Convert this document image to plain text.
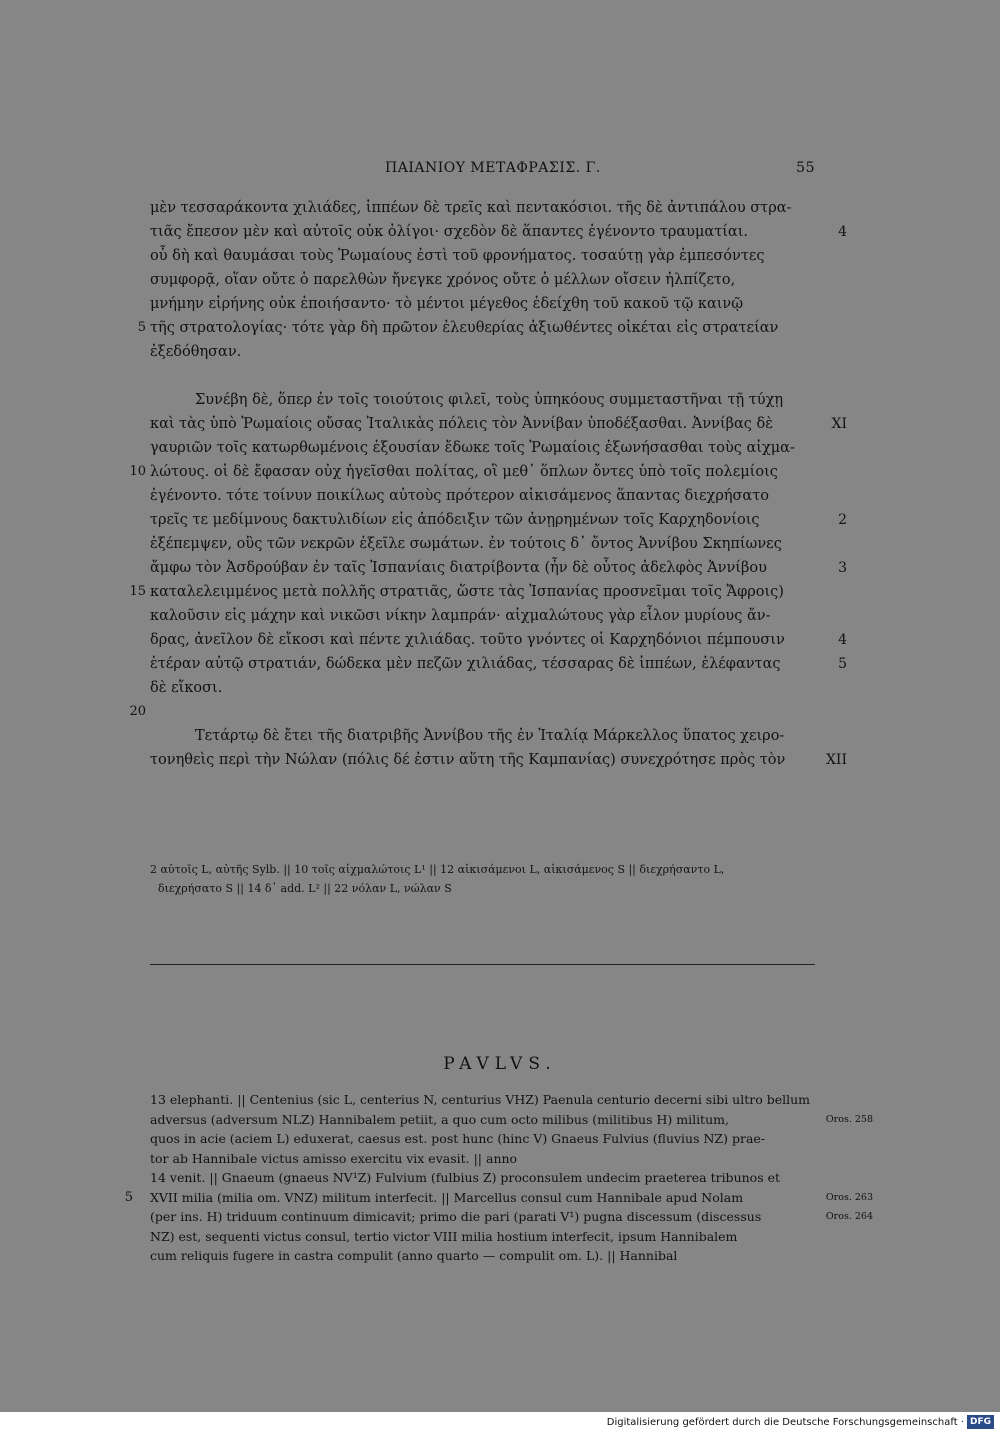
ΠΑΙΑΝΙΟΥ ΜΕΤΑΦΡΑΣΙΣ. Γ.	55
μὲν τεσσαράκοντα χιλιάδες, ἱππέων δὲ τρεῖς καὶ πεντακόσιοι. τῆς δὲ ἀντιπάλου στρα-
4
τιᾶς ἔπεσον μὲν καὶ αὐτοῖς οὐκ ὀλίγοι· σχεδὸν δὲ ἅπαντες ἐγένοντο τραυματίαι.
οὗ δὴ καὶ θαυμάσαι τοὺς Ῥωμαίους ἐστὶ τοῦ φρονήματος. τοσαύτῃ γὰρ ἐμπεσόντες
συμφορᾷ, οἵαν οὔτε ὁ παρελθὼν ἤνεγκε χρόνος οὔτε ὁ μέλλων οἴσειν ἠλπίζετο,
μνήμην εἰρήνης οὐκ ἐποιήσαντο· τὸ μέντοι μέγεθος ἐδείχθη τοῦ κακοῦ τῷ καινῷ
5 τῆς στρατολογίας· τότε γὰρ δὴ πρῶτον ἐλευθερίας ἀξιωθέντες οἰκέται εἰς στρατείαν
ἐξεδόθησαν.
Συνέβη δὲ, ὅπερ ἐν τοῖς τοιούτοις φιλεῖ, τοὺς ὑπηκόους συμμεταστῆναι τῇ τύχῃ
XI
καὶ τὰς ὑπὸ Ῥωμαίοις οὔσας Ἰταλικὰς πόλεις τὸν Ἀννίβαν ὑποδέξασθαι. Ἀννίβας δὲ
γαυριῶν τοῖς κατωρθωμένοις ἐξουσίαν ἔδωκε τοῖς Ῥωμαίοις ἐξωνήσασθαι τοὺς αἰχμα-
10 λώτους. οἱ δὲ ἔφασαν οὐχ ἡγεῖσθαι πολίτας, οἳ μεθ᾽ ὅπλων ὄντες ὑπὸ τοῖς πολεμίοις
ἐγένοντο. τότε τοίνυν ποικίλως αὐτοὺς πρότερον αἰκισάμενος ἅπαντας διεχρήσατο
2
τρεῖς τε μεδίμνους δακτυλιδίων εἰς ἀπόδειξιν τῶν ἀνῃρημένων τοῖς Καρχηδονίοις
ἐξέπεμψεν, οὓς τῶν νεκρῶν ἐξεῖλε σωμάτων. ἐν τούτοις δ᾽ ὄντος Ἀννίβου Σκηπίωνες
3
ἄμφω τὸν Ἀσδρούβαν ἐν ταῖς Ἰσπανίαις διατρίβοντα (ἦν δὲ οὗτος ἀδελφὸς Ἀννίβου
15 καταλελειμμένος μετὰ πολλῆς στρατιᾶς, ὥστε τὰς Ἰσπανίας προσνεῖμαι τοῖς Ἄφροις)
καλοῦσιν εἰς μάχην καὶ νικῶσι νίκην λαμπράν· αἰχμαλώτους γὰρ εἷλον μυρίους ἄν-
4
δρας, ἀνεῖλον δὲ εἴκοσι καὶ πέντε χιλιάδας. τοῦτο γνόντες οἱ Καρχηδόνιοι πέμπουσιν
5
ἑτέραν αὐτῷ στρατιάν, δώδεκα μὲν πεζῶν χιλιάδας, τέσσαρας δὲ ἱππέων, ἐλέφαντας
δὲ εἴκοσι.
20
Τετάρτῳ δὲ ἔτει τῆς διατριβῆς Ἀννίβου τῆς ἐν Ἰταλίᾳ Μάρκελλος ὕπατος χειρο-
XII
τονηθεὶς περὶ τὴν Νώλαν (πόλις δέ ἐστιν αὕτη τῆς Καμπανίας) συνεχρότησε πρὸς τὸν
2 αὐτοῖς L, αὐτῆς Sylb. || 10 τοῖς αἰχμαλώτοις L¹ || 12 αἰκισάμενοι L, αἰκισάμενος S || διεχρήσαντο L,
διεχρήσατο S || 14 δ᾽ add. L² || 22 νόλαν L, νώλαν S
PAVLVS.
13 elephanti. || Centenius (sic L, centerius N, centurius VHZ) Paenula centurio decerni sibi ultro bellum
Oros. 258
adversus (adversum NLZ) Hannibalem petiit, a quo cum octo milibus (militibus H) militum,
quos in acie (aciem L) eduxerat, caesus est. post hunc (hinc V) Gnaeus Fulvius (fluvius NZ) prae-
tor ab Hannibale victus amisso exercitu vix evasit. || anno
14 venit. || Gnaeum (gnaeus NV¹Z) Fulvium (fulbius Z) proconsulem undecim praeterea tribunos et
5	Oros. 263
XVII milia (milia om. VNZ) militum interfecit. || Marcellus consul cum Hannibale apud Nolam
Oros. 264
(per ins. H) triduum continuum dimicavit; primo die pari (parati V¹) pugna discessum (discessus
NZ) est, sequenti victus consul, tertio victor VIII milia hostium interfecit, ipsum Hannibalem
cum reliquis fugere in castra compulit (anno quarto — compulit om. L). || Hannibal
Digitalisierung gefördert durch die Deutsche Forschungsgemeinschaft · DFG
